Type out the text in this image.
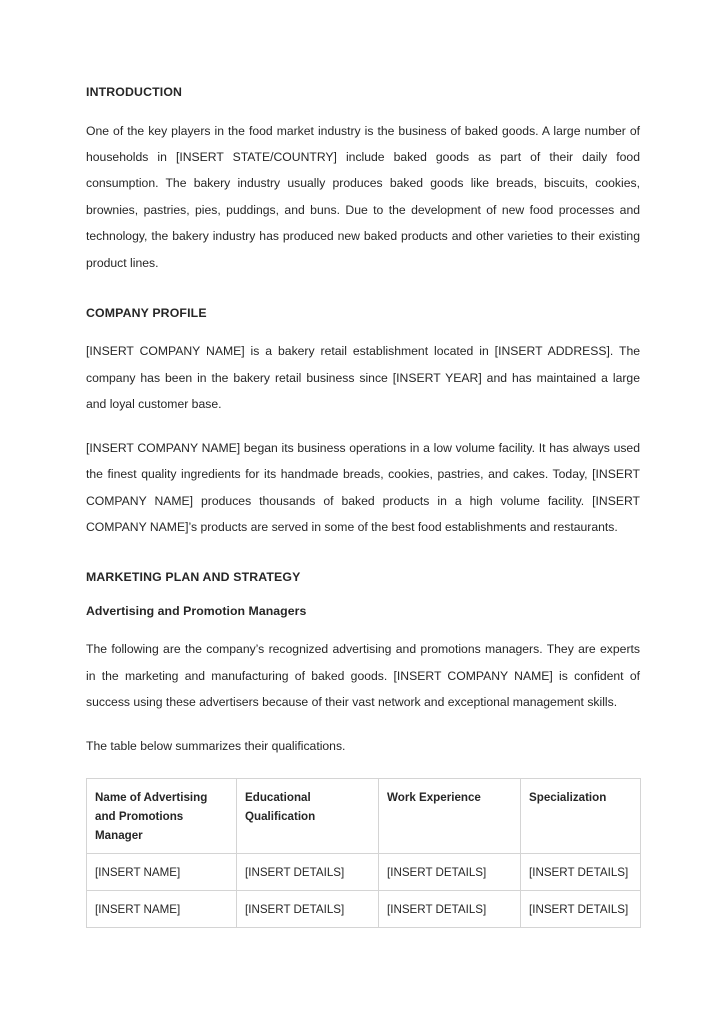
INTRODUCTION

One of the key players in the food market industry is the business of baked goods. A large number of households in [INSERT STATE/COUNTRY] include baked goods as part of their daily food consumption. The bakery industry usually produces baked goods like breads, biscuits, cookies, brownies, pastries, pies, puddings, and buns. Due to the development of new food processes and technology, the bakery industry has produced new baked products and other varieties to their existing product lines.

COMPANY PROFILE

[INSERT COMPANY NAME] is a bakery retail establishment located in [INSERT ADDRESS]. The company has been in the bakery retail business since [INSERT YEAR] and has maintained a large and loyal customer base.

[INSERT COMPANY NAME] began its business operations in a low volume facility. It has always used the finest quality ingredients for its handmade breads, cookies, pastries, and cakes. Today, [INSERT COMPANY NAME] produces thousands of baked products in a high volume facility. [INSERT COMPANY NAME]’s products are served in some of the best food establishments and restaurants.

MARKETING PLAN AND STRATEGY
Advertising and Promotion Managers

The following are the company’s recognized advertising and promotions managers. They are experts in the marketing and manufacturing of baked goods. [INSERT COMPANY NAME] is confident of success using these advertisers because of their vast network and exceptional management skills.

The table below summarizes their qualifications.

Name of Advertising and Promotions Manager	Educational Qualification	Work Experience	Specialization
[INSERT NAME]	[INSERT DETAILS]	[INSERT DETAILS]	[INSERT DETAILS]
[INSERT NAME]	[INSERT DETAILS]	[INSERT DETAILS]	[INSERT DETAILS]
